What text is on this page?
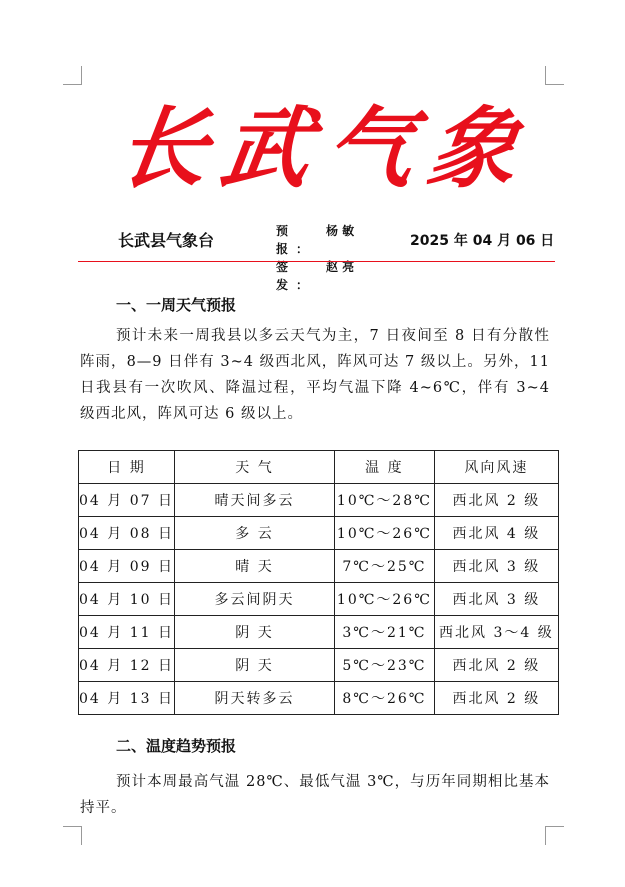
长
武
气
象
长武县气象台	预 报：
杨 敏
签 发：
赵 亮
2025 年 04 月 06 日
一、一周天气预报
预计未来一周我县以多云天气为主，7 日夜间至 8 日有分散性阵雨，8—9 日伴有 3~4 级西北风，阵风可达 7 级以上。另外，11 日我县有一次吹风、降温过程，平均气温下降 4~6℃，伴有 3~4 级西北风，阵风可达 6 级以上。
日 期	天 气	温 度	风向风速
04 月 07 日	晴天间多云	10℃～28℃	西北风 2 级
04 月 08 日	多 云	10℃～26℃	西北风 4 级
04 月 09 日	晴 天	7℃～25℃	西北风 3 级
04 月 10 日	多云间阴天	10℃～26℃	西北风 3 级
04 月 11 日	阴 天	3℃～21℃	西北风 3～4 级
04 月 12 日	阴 天	5℃～23℃	西北风 2 级
04 月 13 日	阴天转多云	8℃～26℃	西北风 2 级
二、温度趋势预报
预计本周最高气温 28℃、最低气温 3℃，与历年同期相比基本持平。
